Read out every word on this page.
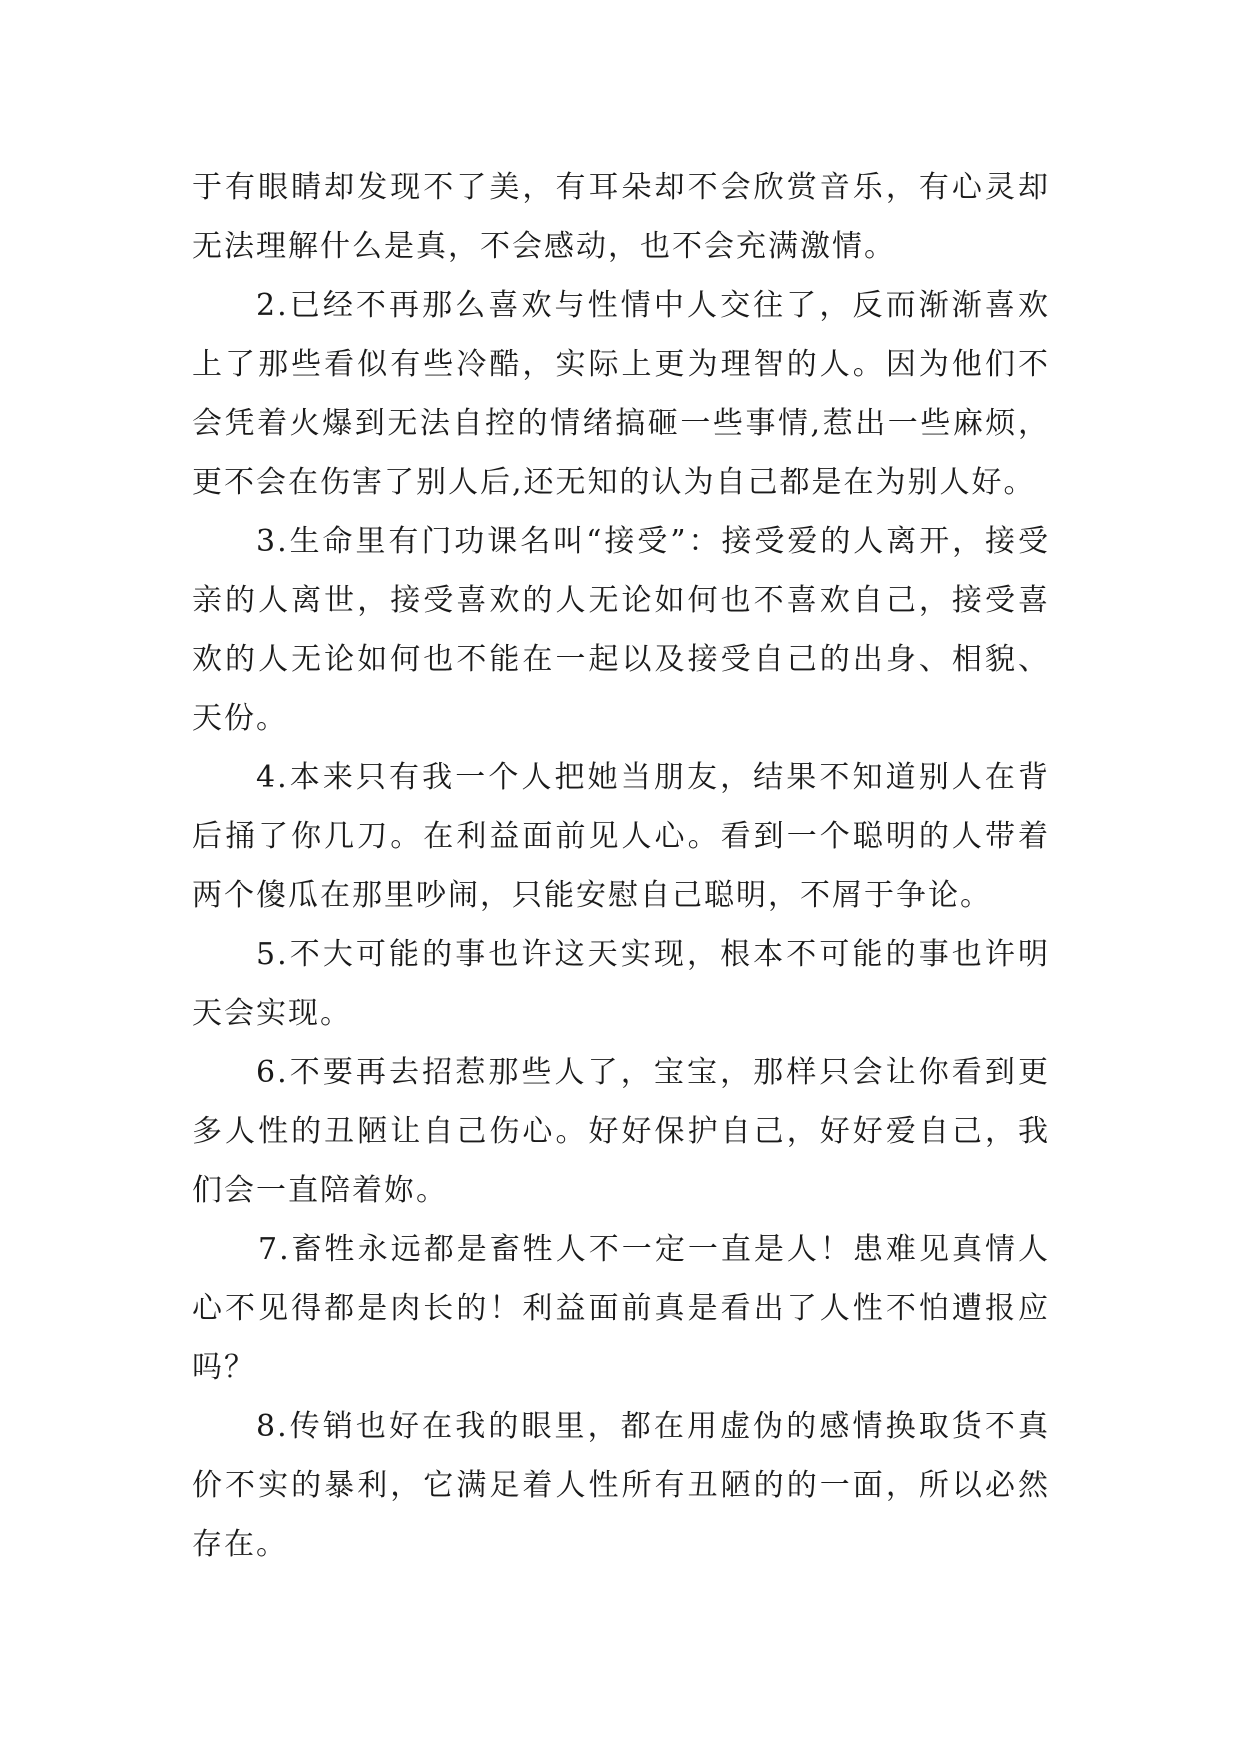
于有眼睛却发现不了美，有耳朵却不会欣赏音乐，有心灵却无法理解什么是真，不会感动，也不会充满激情。

2.已经不再那么喜欢与性情中人交往了，反而渐渐喜欢上了那些看似有些冷酷，实际上更为理智的人。因为他们不会凭着火爆到无法自控的情绪搞砸一些事情,惹出一些麻烦，更不会在伤害了别人后,还无知的认为自己都是在为别人好。

3.生命里有门功课名叫“接受”：接受爱的人离开，接受亲的人离世，接受喜欢的人无论如何也不喜欢自己，接受喜欢的人无论如何也不能在一起以及接受自己的出身、相貌、天份。

4.本来只有我一个人把她当朋友，结果不知道别人在背后捅了你几刀。在利益面前见人心。看到一个聪明的人带着两个傻瓜在那里吵闹，只能安慰自己聪明，不屑于争论。

5.不大可能的事也许这天实现，根本不可能的事也许明天会实现。

6.不要再去招惹那些人了，宝宝，那样只会让你看到更多人性的丑陋让自己伤心。好好保护自己，好好爱自己，我们会一直陪着妳。

7.畜牲永远都是畜牲人不一定一直是人！患难见真情人心不见得都是肉长的！利益面前真是看出了人性不怕遭报应吗？

8.传销也好在我的眼里，都在用虚伪的感情换取货不真价不实的暴利，它满足着人性所有丑陋的的一面，所以必然存在。
